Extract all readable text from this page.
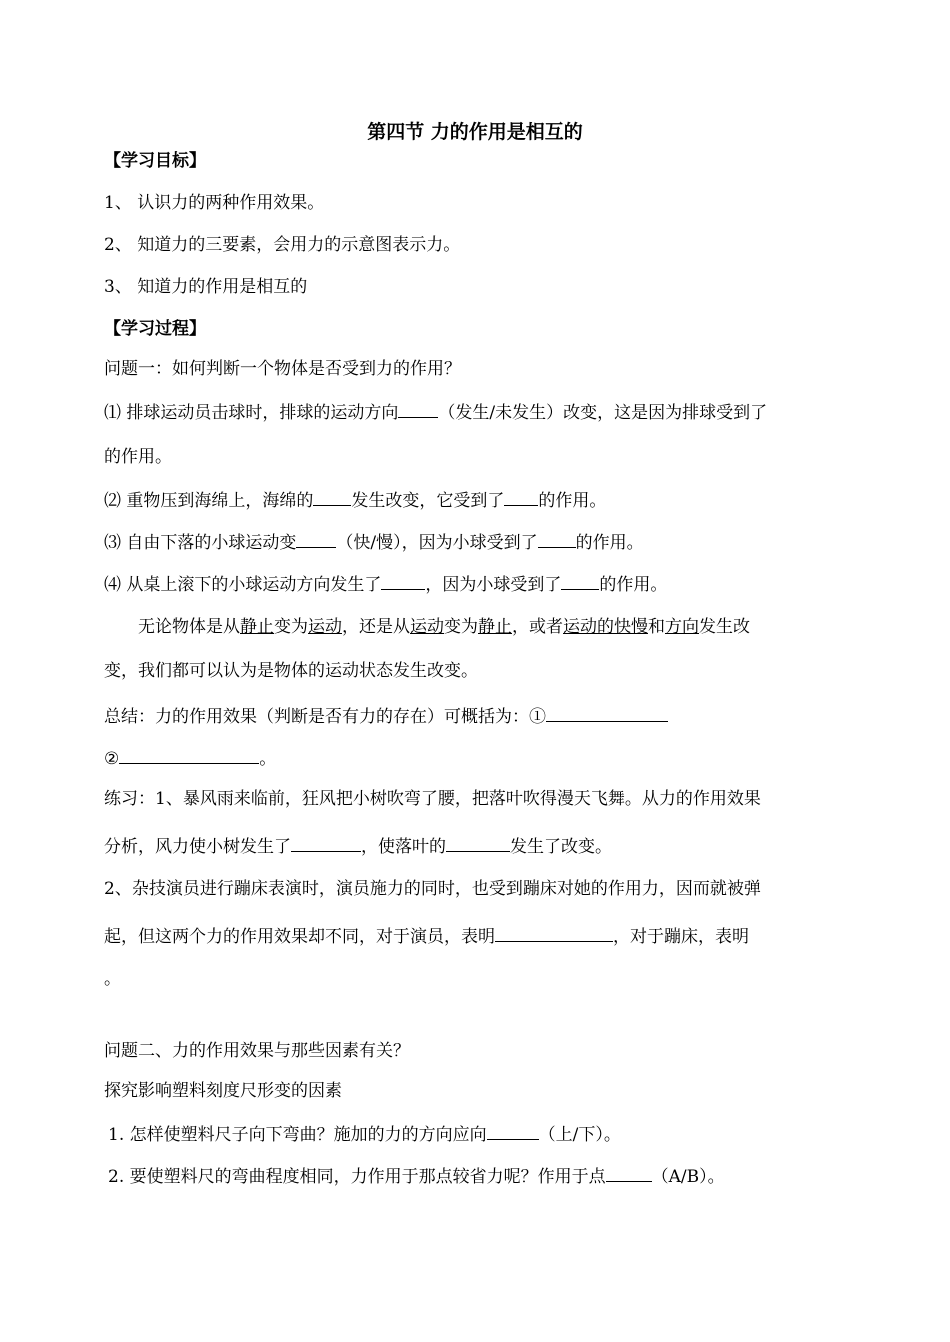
第四节 力的作用是相互的
【学习目标】
1、 认识力的两种作用效果。
2、 知道力的三要素，会用力的示意图表示力。
3、 知道力的作用是相互的
【学习过程】
问题一：如何判断一个物体是否受到力的作用？
⑴ 排球运动员击球时，排球的运动方向 （发生/未发生）改变，这是因为排球受到了
的作用。
⑵ 重物压到海绵上，海绵的 发生改变，它受到了 的作用。
⑶ 自由下落的小球运动变 （快/慢），因为小球受到了 的作用。
⑷ 从桌上滚下的小球运动方向发生了	，因为小球受到了 的作用。
无论物体是从静止变为运动，还是从运动变为静止，或者运动的快慢和方向发生改
变，我们都可以认为是物体的运动状态发生改变。
总结：力的作用效果（判断是否有力的存在）可概括为：①
②	。
练习：1、暴风雨来临前，狂风把小树吹弯了腰，把落叶吹得漫天飞舞。从力的作用效果
分析，风力使小树发生了	，使落叶的	发生了改变。
2、杂技演员进行蹦床表演时，演员施力的同时，也受到蹦床对她的作用力，因而就被弹
起，但这两个力的作用效果却不同，对于演员，表明	，对于蹦床，表明
。
问题二、力的作用效果与那些因素有关？
探究影响塑料刻度尺形变的因素
1. 怎样使塑料尺子向下弯曲？施加的力的方向应向	（上/下）。
2. 要使塑料尺的弯曲程度相同，力作用于那点较省力呢？作用于点	（A/B）。
